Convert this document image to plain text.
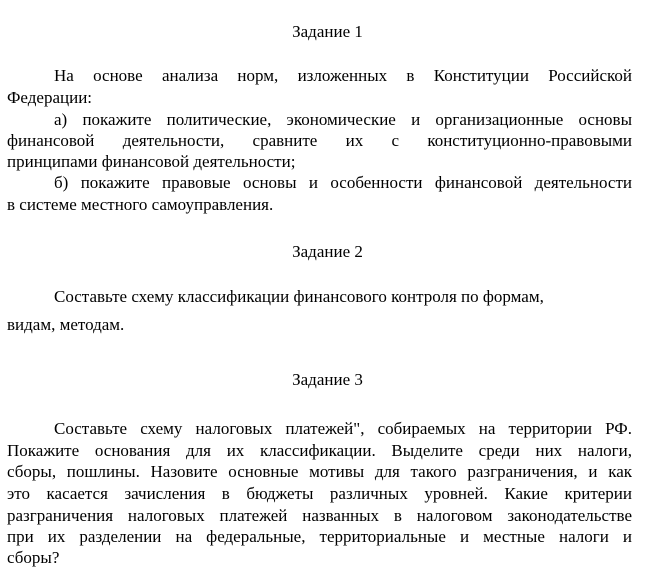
Задание 1
На основе анализа норм, изложенных в Конституции Российской
Федерации:
а) покажите политические, экономические и организационные основы
финансовой деятельности, сравните их с конституционно-правовыми
принципами финансовой деятельности;
б) покажите правовые основы и особенности финансовой деятельности
в системе местного самоуправления.
Задание 2
Составьте схему классификации финансового контроля по формам,
видам, методам.
Задание 3
Составьте схему налоговых платежей", собираемых на территории РФ.
Покажите основания для их классификации. Выделите среди них налоги,
сборы, пошлины. Назовите основные мотивы для такого разграничения, и как
это касается зачисления в бюджеты различных уровней. Какие критерии
разграничения налоговых платежей названных в налоговом законодательстве
при их разделении на федеральные, территориальные и местные налоги и
сборы?
